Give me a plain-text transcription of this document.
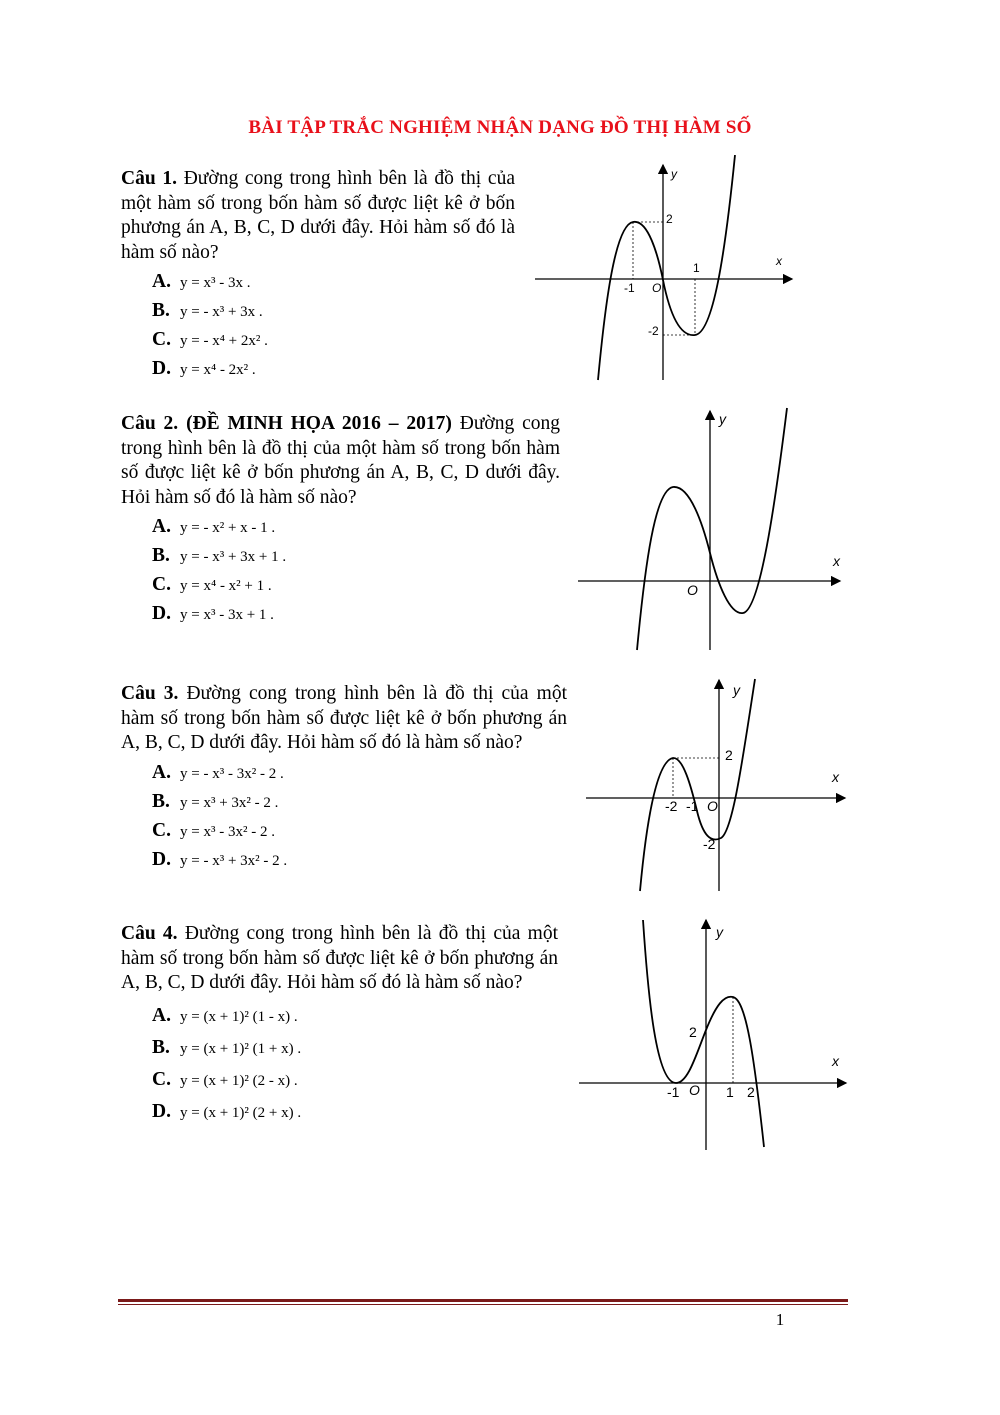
BÀI TẬP TRẮC NGHIỆM NHẬN DẠNG ĐỒ THỊ HÀM SỐ

Câu 1. Đường cong trong hình bên là đồ thị của một hàm số trong bốn hàm số được liệt kê ở bốn phương án A, B, C, D dưới đây. Hỏi hàm số đó là hàm số nào?

A. y = x³ - 3x .
B. y = - x³ + 3x .
C. y = - x⁴ + 2x² .
D. y = x⁴ - 2x² .
y
x
2
1
-1 O
-2

Câu 2. (ĐỀ MINH HỌA 2016 – 2017) Đường cong trong hình bên là đồ thị của một hàm số trong bốn hàm số được liệt kê ở bốn phương án A, B, C, D dưới đây. Hỏi hàm số đó là hàm số nào?

A. y = - x² + x - 1 .
B. y = - x³ + 3x + 1 .
C. y = x⁴ - x² + 1 .
D. y = x³ - 3x + 1 .
y
x
O

Câu 3. Đường cong trong hình bên là đồ thị của một hàm số trong bốn hàm số được liệt kê ở bốn phương án A, B, C, D dưới đây. Hỏi hàm số đó là hàm số nào?

A. y = - x³ - 3x² - 2 .
B. y = x³ + 3x² - 2 .
C. y = x³ - 3x² - 2 .
D. y = - x³ + 3x² - 2 .
y
x
2
-2 -1 O
-2

Câu 4. Đường cong trong hình bên là đồ thị của một hàm số trong bốn hàm số được liệt kê ở bốn phương án A, B, C, D dưới đây. Hỏi hàm số đó là hàm số nào?

A. y = (x + 1)² (1 - x) .
B. y = (x + 1)² (1 + x) .
C. y = (x + 1)² (2 - x) .
D. y = (x + 1)² (2 + x) .
y
x
2
-1 O 1 2
1
